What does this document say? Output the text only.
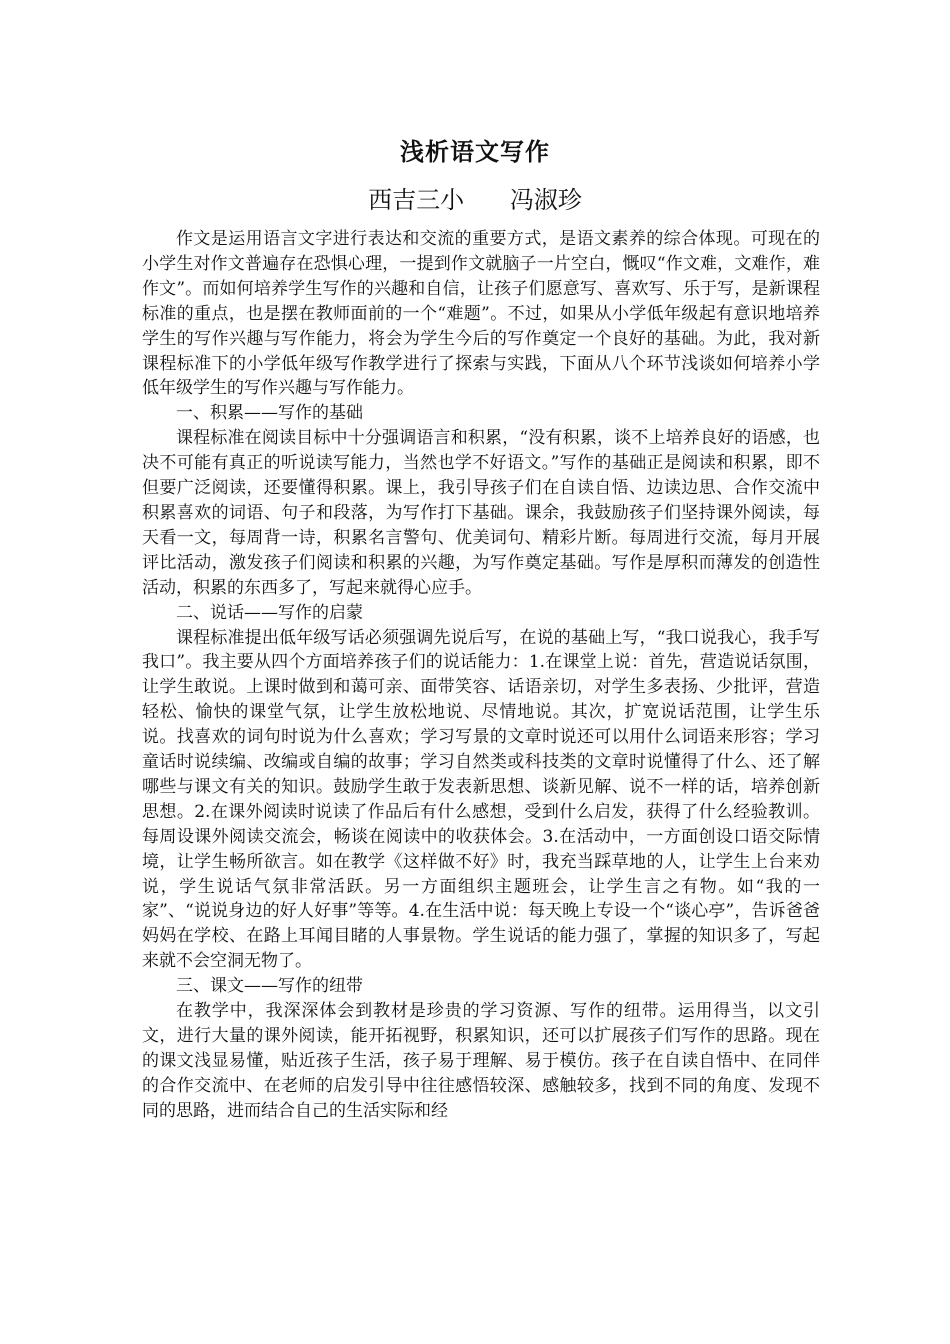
浅析语文写作
西吉三小      冯淑珍

作文是运用语言文字进行表达和交流的重要方式，是语文素养的综合体现。可现在的小学生对作文普遍存在恐惧心理，一提到作文就脑子一片空白，慨叹“作文难，文难作，难作文”。而如何培养学生写作的兴趣和自信，让孩子们愿意写、喜欢写、乐于写，是新课程标准的重点，也是摆在教师面前的一个“难题”。不过，如果从小学低年级起有意识地培养学生的写作兴趣与写作能力，将会为学生今后的写作奠定一个良好的基础。为此，我对新课程标准下的小学低年级写作教学进行了探索与实践，下面从八个环节浅谈如何培养小学低年级学生的写作兴趣与写作能力。

一、积累——写作的基础

课程标准在阅读目标中十分强调语言和积累，“没有积累，谈不上培养良好的语感，也决不可能有真正的听说读写能力，当然也学不好语文。”写作的基础正是阅读和积累，即不但要广泛阅读，还要懂得积累。课上，我引导孩子们在自读自悟、边读边思、合作交流中积累喜欢的词语、句子和段落，为写作打下基础。课余，我鼓励孩子们坚持课外阅读，每天看一文，每周背一诗，积累名言警句、优美词句、精彩片断。每周进行交流，每月开展评比活动，激发孩子们阅读和积累的兴趣，为写作奠定基础。写作是厚积而薄发的创造性活动，积累的东西多了，写起来就得心应手。

二、说话——写作的启蒙

课程标准提出低年级写话必须强调先说后写，在说的基础上写，“我口说我心，我手写我口”。我主要从四个方面培养孩子们的说话能力：1.在课堂上说：首先，营造说话氛围，让学生敢说。上课时做到和蔼可亲、面带笑容、话语亲切，对学生多表扬、少批评，营造轻松、愉快的课堂气氛，让学生放松地说、尽情地说。其次，扩宽说话范围，让学生乐说。找喜欢的词句时说为什么喜欢；学习写景的文章时说还可以用什么词语来形容；学习童话时说续编、改编或自编的故事；学习自然类或科技类的文章时说懂得了什么、还了解哪些与课文有关的知识。鼓励学生敢于发表新思想、谈新见解、说不一样的话，培养创新思想。2.在课外阅读时说读了作品后有什么感想，受到什么启发，获得了什么经验教训。每周设课外阅读交流会，畅谈在阅读中的收获体会。3.在活动中，一方面创设口语交际情境，让学生畅所欲言。如在教学《这样做不好》时，我充当踩草地的人，让学生上台来劝说，学生说话气氛非常活跃。另一方面组织主题班会，让学生言之有物。如“我的一家”、“说说身边的好人好事”等等。4.在生活中说：每天晚上专设一个“谈心亭”，告诉爸爸妈妈在学校、在路上耳闻目睹的人事景物。学生说话的能力强了，掌握的知识多了，写起来就不会空洞无物了。

三、课文——写作的纽带

在教学中，我深深体会到教材是珍贵的学习资源、写作的纽带。运用得当，以文引文，进行大量的课外阅读，能开拓视野，积累知识，还可以扩展孩子们写作的思路。现在的课文浅显易懂，贴近孩子生活，孩子易于理解、易于模仿。孩子在自读自悟中、在同伴的合作交流中、在老师的启发引导中往往感悟较深、感触较多，找到不同的角度、发现不同的思路，进而结合自己的生活实际和经
